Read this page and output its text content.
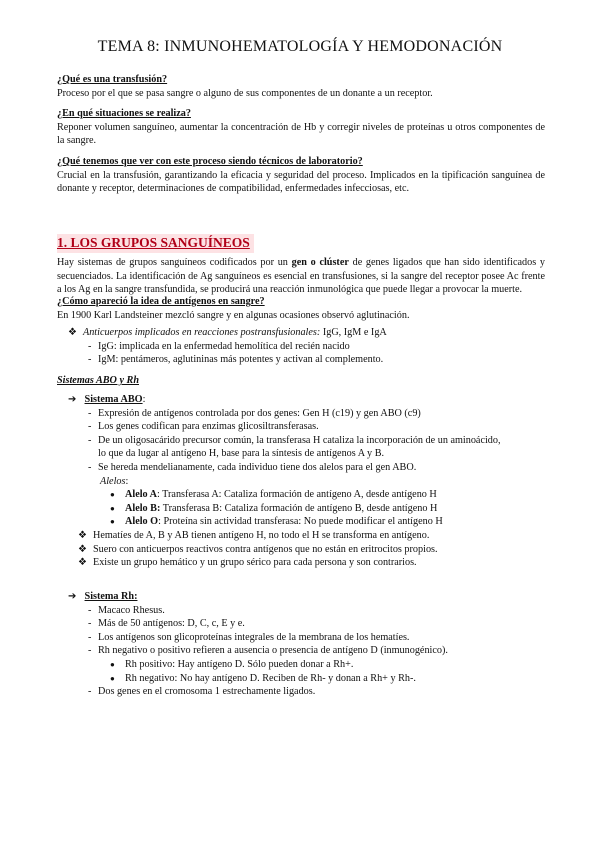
TEMA 8: INMUNOHEMATOLOGÍA Y HEMODONACIÓN
¿Qué es una transfusión?
Proceso por el que se pasa sangre o alguno de sus componentes de un donante a un receptor.
¿En qué situaciones se realiza?
Reponer volumen sanguíneo, aumentar la concentración de Hb y corregir niveles de proteínas u otros componentes de la sangre.
¿Qué tenemos que ver con este proceso siendo técnicos de laboratorio?
Crucial en la transfusión, garantizando la eficacia y seguridad del proceso. Implicados en la tipificación sanguínea de donante y receptor, determinaciones de compatibilidad, enfermedades infecciosas, etc.
1. LOS GRUPOS SANGUÍNEOS
Hay sistemas de grupos sanguíneos codificados por un gen o clúster de genes ligados que han sido identificados y secuenciados. La identificación de Ag sanguíneos es esencial en transfusiones, si la sangre del receptor posee Ac frente a los Ag en la sangre transfundida, se producirá una reacción inmunológica que puede llegar a provocar la muerte.
¿Cómo apareció la idea de antígenos en sangre?
En 1900 Karl Landsteiner mezcló sangre y en algunas ocasiones observó aglutinación.
❖ Anticuerpos implicados en reacciones postransfusionales: IgG, IgM e IgA
- IgG: implicada en la enfermedad hemolítica del recién nacido
- IgM: pentámeros, aglutininas más potentes y activan al complemento.
Sistemas ABO y Rh
➔ Sistema ABO:
- Expresión de antígenos controlada por dos genes: Gen H (c19) y gen ABO (c9)
- Los genes codifican para enzimas glicosiltransferasas.
- De un oligosacárido precursor común, la transferasa H cataliza la incorporación de un aminoácido,
lo que da lugar al antígeno H, base para la síntesis de antígenos A y B.
- Se hereda mendelianamente, cada individuo tiene dos alelos para el gen ABO.
Alelos:
● Alelo A: Transferasa A: Cataliza formación de antígeno A, desde antígeno H
● Alelo B: Transferasa B: Cataliza formación de antígeno B, desde antígeno H
● Alelo O: Proteína sin actividad transferasa: No puede modificar el antígeno H
❖ Hematíes de A, B y AB tienen antígeno H, no todo el H se transforma en antígeno.
❖ Suero con anticuerpos reactivos contra antígenos que no están en eritrocitos propios.
❖ Existe un grupo hemático y un grupo sérico para cada persona y son contrarios.
➔ Sistema Rh:
- Macaco Rhesus.
- Más de 50 antígenos: D, C, c, E y e.
- Los antígenos son glicoproteínas integrales de la membrana de los hematíes.
- Rh negativo o positivo refieren a ausencia o presencia de antígeno D (inmunogénico).
● Rh positivo: Hay antígeno D. Sólo pueden donar a Rh+.
● Rh negativo: No hay antígeno D. Reciben de Rh- y donan a Rh+ y Rh-.
- Dos genes en el cromosoma 1 estrechamente ligados.
